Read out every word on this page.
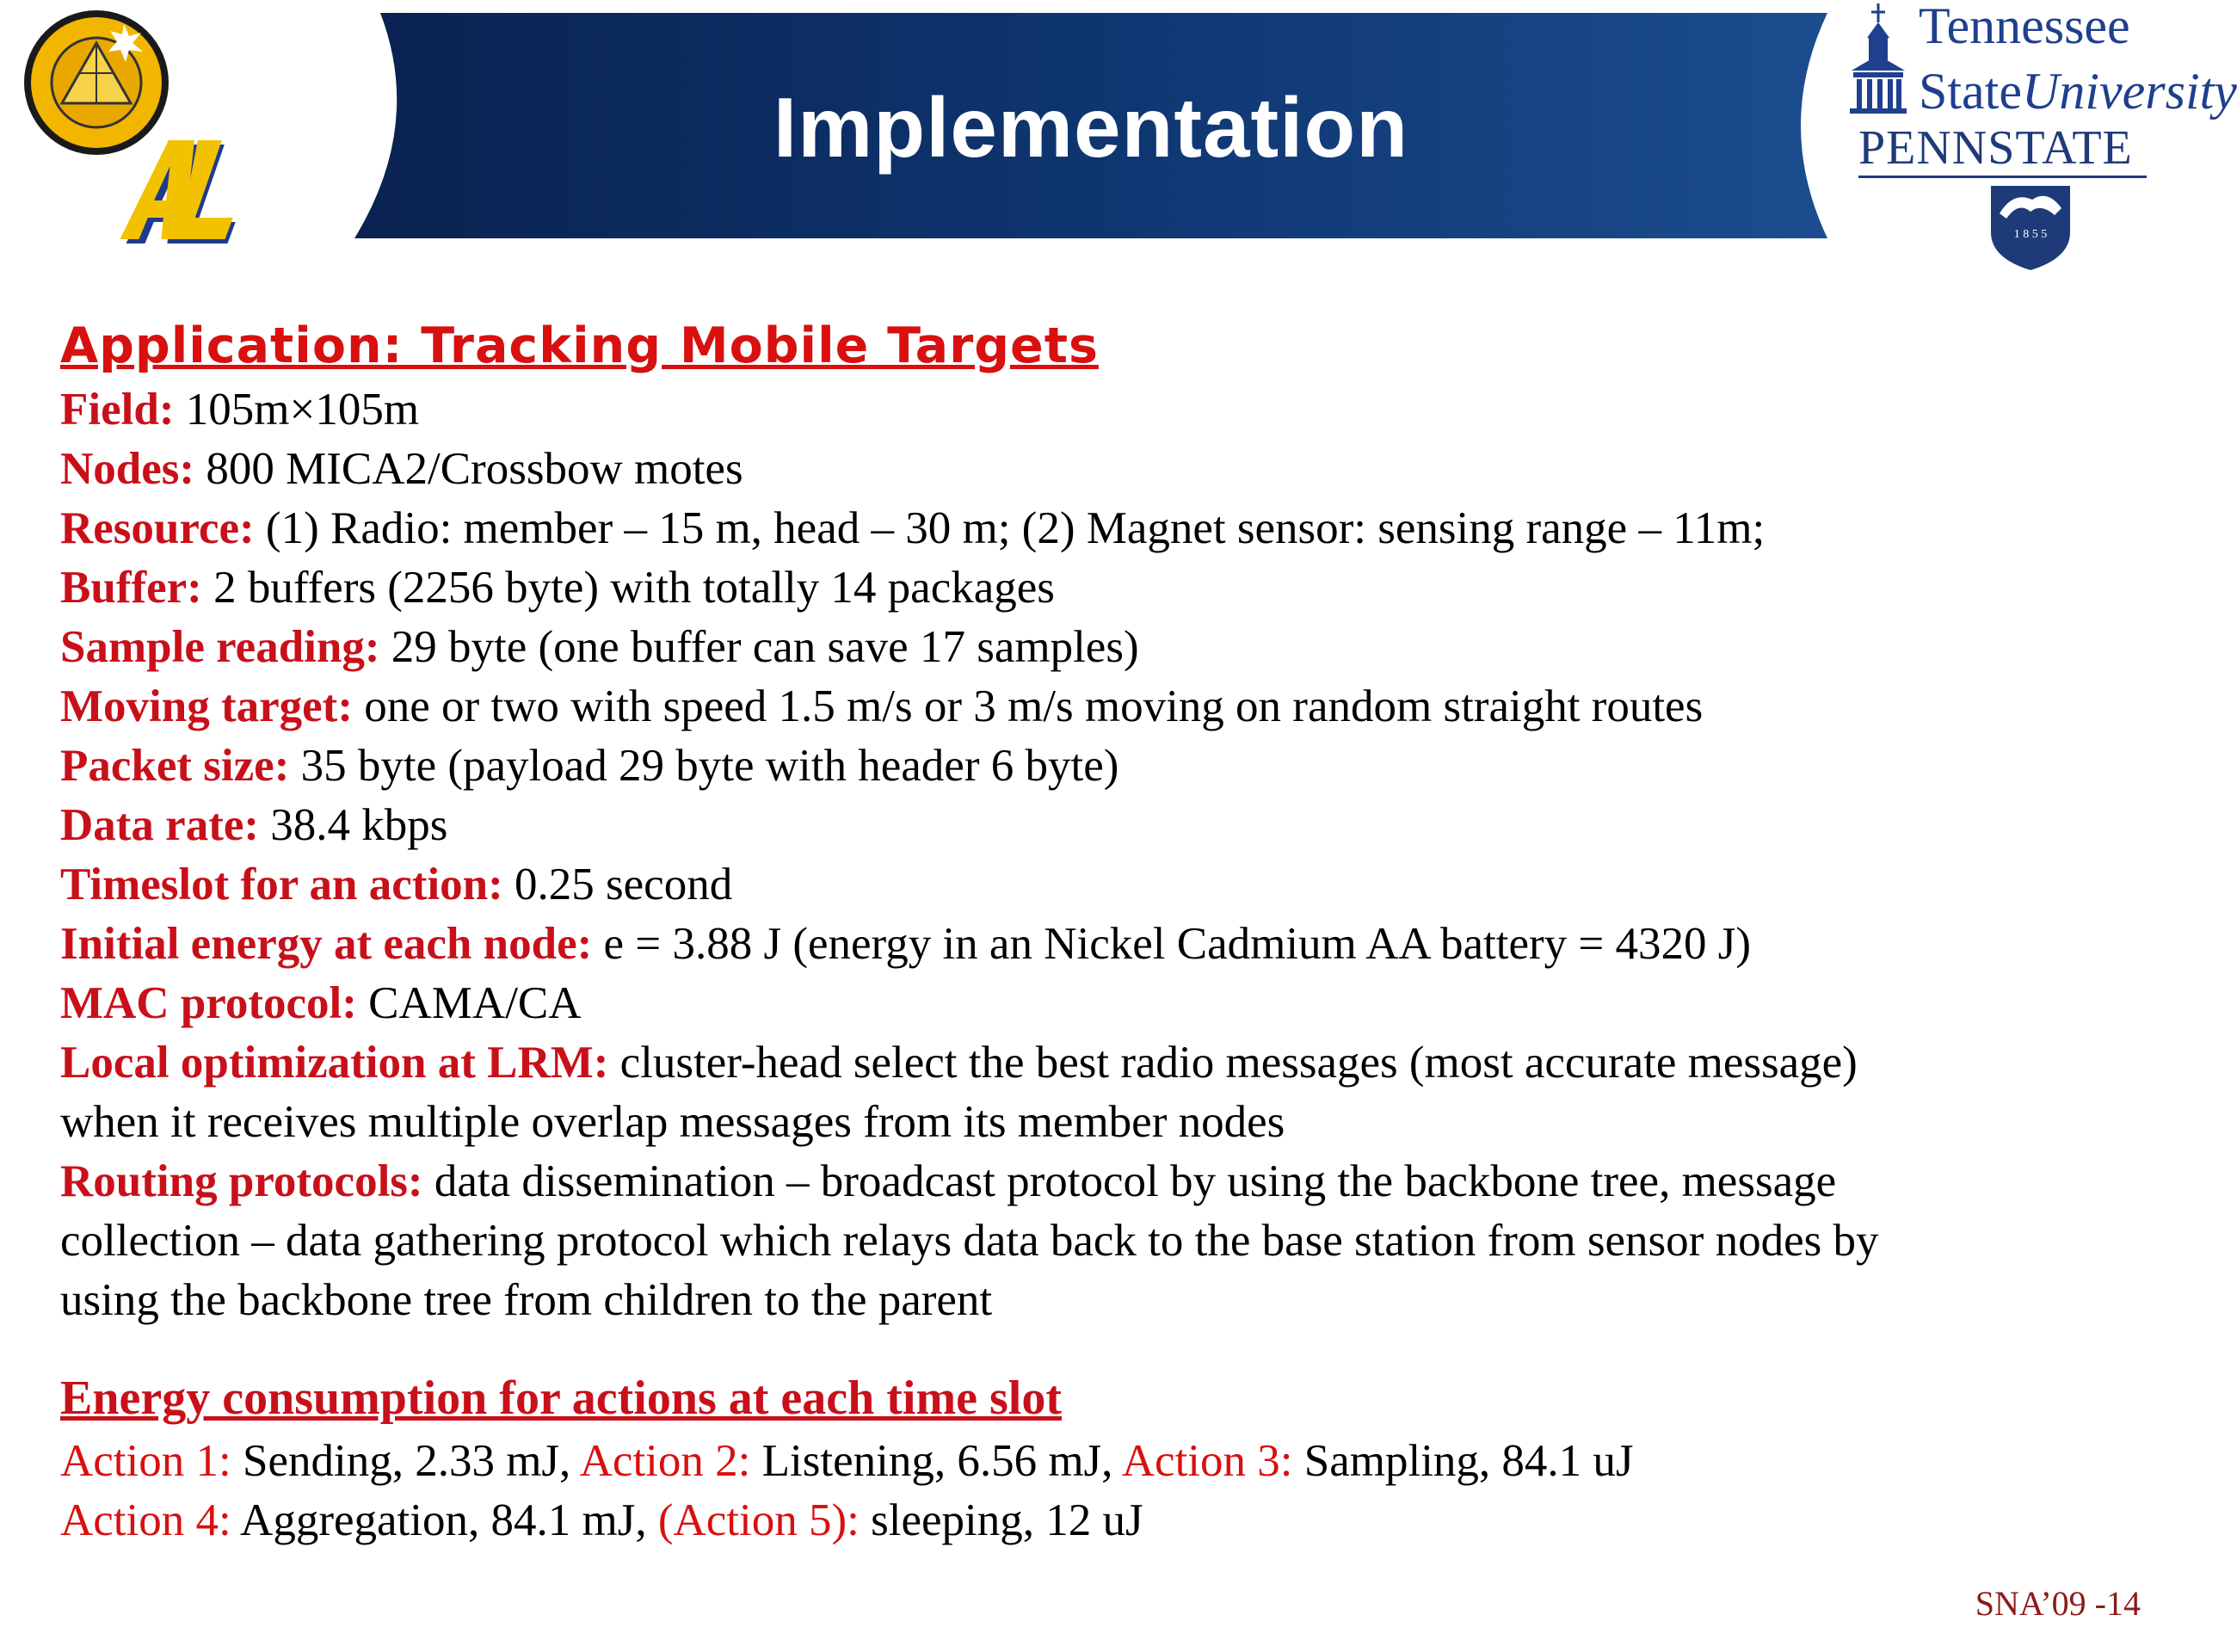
Implementation
Tennessee
StateUniversity
PENNSTATE
1 8 5 5
Application: Tracking Mobile Targets
Field: 105m×105m
Nodes: 800 MICA2/Crossbow motes
Resource: (1) Radio: member – 15 m, head – 30 m; (2) Magnet sensor: sensing range – 11m;
Buffer: 2 buffers (2256 byte) with totally 14 packages
Sample reading: 29 byte (one buffer can save 17 samples)
Moving target: one or two with speed 1.5 m/s or 3 m/s moving on random straight routes
Packet size: 35 byte (payload 29 byte with header 6 byte)
Data rate: 38.4 kbps
Timeslot for an action: 0.25 second
Initial energy at each node: e = 3.88 J (energy in an Nickel Cadmium AA battery = 4320 J)
MAC protocol: CAMA/CA
Local optimization at LRM: cluster-head select the best radio messages (most accurate message)
when it receives multiple overlap messages from its member nodes
Routing protocols: data dissemination – broadcast protocol by using the backbone tree, message
collection – data gathering protocol which relays data back to the base station from sensor nodes by
using the backbone tree from children to the parent
Energy consumption for actions at each time slot
Action 1: Sending, 2.33 mJ, Action 2: Listening, 6.56 mJ, Action 3: Sampling, 84.1 uJ
Action 4: Aggregation, 84.1 mJ, (Action 5): sleeping, 12 uJ
SNA’09 -14
